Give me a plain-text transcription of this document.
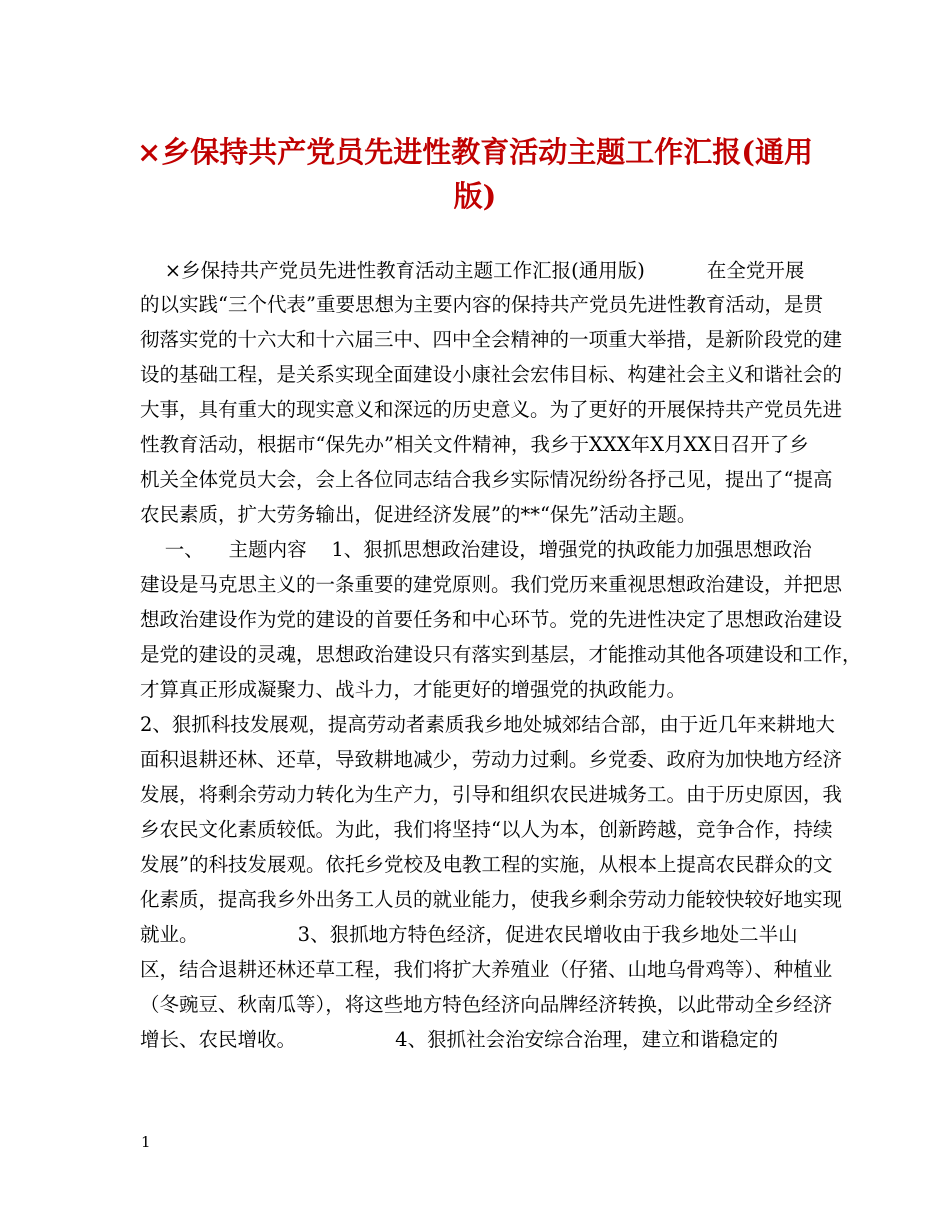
×乡保持共产党员先进性教育活动主题工作汇报(通用
版)
×乡保持共产党员先进性教育活动主题工作汇报(通用版)          在全党开展
的以实践“三个代表”重要思想为主要内容的保持共产党员先进性教育活动，是贯
彻落实党的十六大和十六届三中、四中全会精神的一项重大举措，是新阶段党的建
设的基础工程，是关系实现全面建设小康社会宏伟目标、构建社会主义和谐社会的
大事，具有重大的现实意义和深远的历史意义。为了更好的开展保持共产党员先进
性教育活动，根据市“保先办”相关文件精神，我乡于XXX年X月XX日召开了乡
机关全体党员大会，会上各位同志结合我乡实际情况纷纷各抒己见，提出了“提高
农民素质，扩大劳务输出，促进经济发展”的**“保先”活动主题。
一、    主题内容    1、狠抓思想政治建设，增强党的执政能力加强思想政治
建设是马克思主义的一条重要的建党原则。我们党历来重视思想政治建设，并把思
想政治建设作为党的建设的首要任务和中心环节。党的先进性决定了思想政治建设
是党的建设的灵魂，思想政治建设只有落实到基层，才能推动其他各项建设和工作，
才算真正形成凝聚力、战斗力，才能更好的增强党的执政能力。
2、狠抓科技发展观，提高劳动者素质我乡地处城郊结合部，由于近几年来耕地大
面积退耕还林、还草，导致耕地减少，劳动力过剩。乡党委、政府为加快地方经济
发展，将剩余劳动力转化为生产力，引导和组织农民进城务工。由于历史原因，我
乡农民文化素质较低。为此，我们将坚持“以人为本，创新跨越，竞争合作，持续
发展”的科技发展观。依托乡党校及电教工程的实施，从根本上提高农民群众的文
化素质，提高我乡外出务工人员的就业能力，使我乡剩余劳动力能较快较好地实现
就业。                3、狠抓地方特色经济，促进农民增收由于我乡地处二半山
区，结合退耕还林还草工程，我们将扩大养殖业（仔猪、山地乌骨鸡等）、种植业
（冬豌豆、秋南瓜等），将这些地方特色经济向品牌经济转换，以此带动全乡经济
增长、农民增收。                4、狠抓社会治安综合治理，建立和谐稳定的
1
